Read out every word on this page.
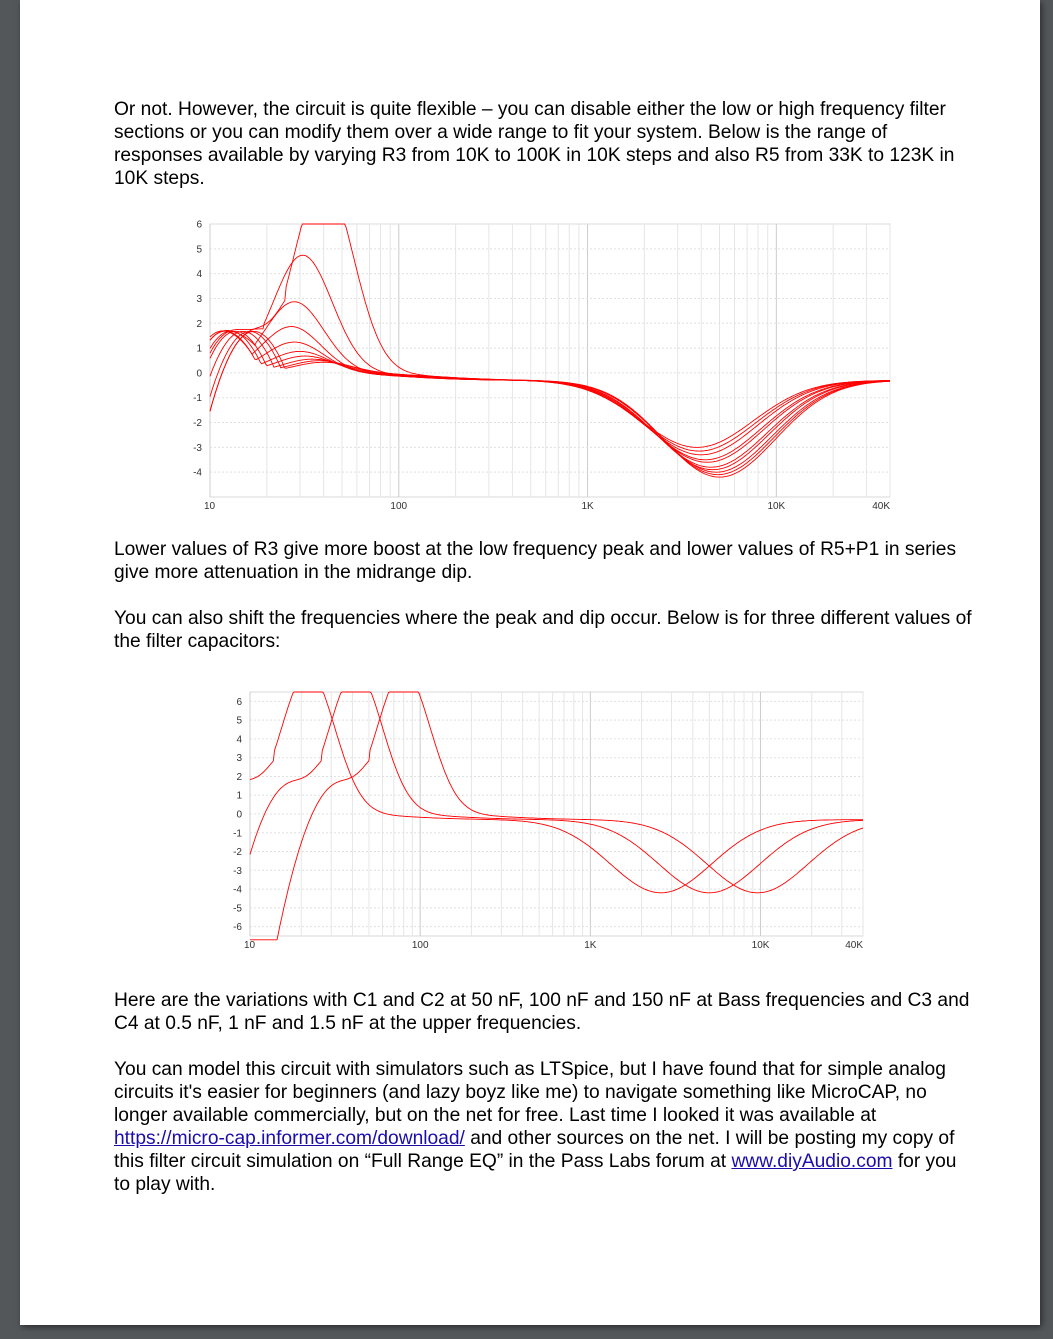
Or not. However, the circuit is quite flexible – you can disable either the low or high frequency filter sections or you can modify them over a wide range to fit your system. Below is the range of responses available by varying R3 from 10K to 100K in 10K steps and also R5 from 33K to 123K in 10K steps.

6
5
4
3
2
1
0
-1
-2
-3
-4
10	100	1K	10K	40K

Lower values of R3 give more boost at the low frequency peak and lower values of R5+P1 in series give more attenuation in the midrange dip.

You can also shift the frequencies where the peak and dip occur. Below is for three different values of the filter capacitors:

6
5
4
3
2
1
0
-1
-2
-3
-4
-5
-6
10	100	1K	10K	40K

Here are the variations with C1 and C2 at 50 nF, 100 nF and 150 nF at Bass frequencies and C3 and C4 at 0.5 nF, 1 nF and 1.5 nF at the upper frequencies.

You can model this circuit with simulators such as LTSpice, but I have found that for simple analog circuits it's easier for beginners (and lazy boyz like me) to navigate something like MicroCAP, no longer available commercially, but on the net for free. Last time I looked it was available at https://micro-cap.informer.com/download/ and other sources on the net. I will be posting my copy of this filter circuit simulation on “Full Range EQ” in the Pass Labs forum at www.diyAudio.com for you to play with.
